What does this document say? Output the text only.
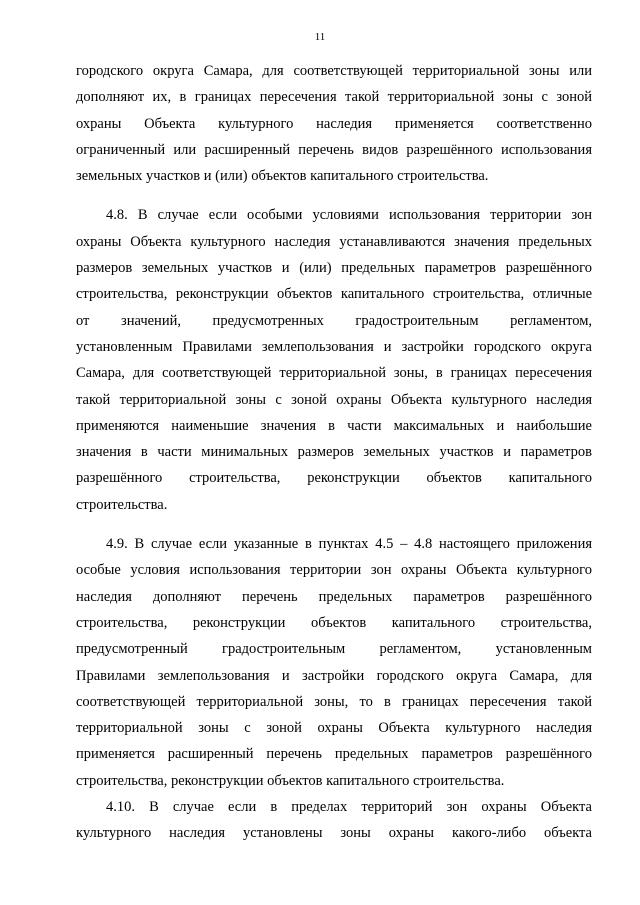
11
городского округа Самара, для соответствующей территориальной зоны или
дополняют их, в границах пересечения такой территориальной зоны с зоной
охраны Объекта культурного наследия применяется соответственно
ограниченный или расширенный перечень видов разрешённого использования
земельных участков и (или) объектов капитального строительства.
4.8. В случае если особыми условиями использования территории зон
охраны Объекта культурного наследия устанавливаются значения предельных
размеров земельных участков и (или) предельных параметров разрешённого
строительства, реконструкции объектов капитального строительства, отличные
от значений, предусмотренных градостроительным регламентом,
установленным Правилами землепользования и застройки городского округа
Самара, для соответствующей территориальной зоны, в границах пересечения
такой территориальной зоны с зоной охраны Объекта культурного наследия
применяются наименьшие значения в части максимальных и наибольшие
значения в части минимальных размеров земельных участков и параметров
разрешённого строительства, реконструкции объектов капитального
строительства.
4.9. В случае если указанные в пунктах 4.5 – 4.8 настоящего приложения
особые условия использования территории зон охраны Объекта культурного
наследия дополняют перечень предельных параметров разрешённого
строительства, реконструкции объектов капитального строительства,
предусмотренный градостроительным регламентом, установленным
Правилами землепользования и застройки городского округа Самара, для
соответствующей территориальной зоны, то в границах пересечения такой
территориальной зоны с зоной охраны Объекта культурного наследия
применяется расширенный перечень предельных параметров разрешённого
строительства, реконструкции объектов капитального строительства.
4.10. В случае если в пределах территорий зон охраны Объекта
культурного наследия установлены зоны охраны какого-либо объекта
